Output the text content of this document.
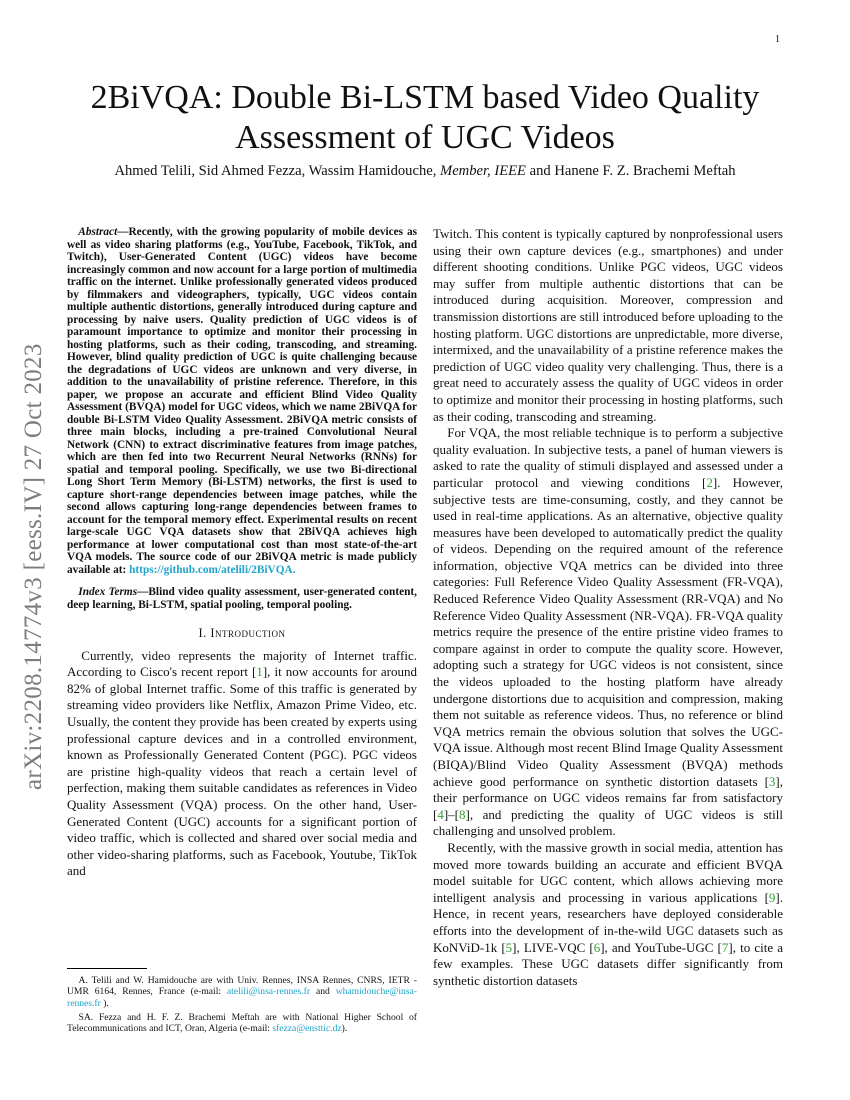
1
arXiv:2208.14774v3 [eess.IV] 27 Oct 2023
2BiVQA: Double Bi-LSTM based Video Quality Assessment of UGC Videos
Ahmed Telili, Sid Ahmed Fezza, Wassim Hamidouche, Member, IEEE and Hanene F. Z. Brachemi Meftah

Abstract—Recently, with the growing popularity of mobile devices as well as video sharing platforms (e.g., YouTube, Facebook, TikTok, and Twitch), User-Generated Content (UGC) videos have become increasingly common and now account for a large portion of multimedia traffic on the internet. Unlike professionally generated videos produced by filmmakers and videographers, typically, UGC videos contain multiple authentic distortions, generally introduced during capture and processing by naive users. Quality prediction of UGC videos is of paramount importance to optimize and monitor their processing in hosting platforms, such as their coding, transcoding, and streaming. However, blind quality prediction of UGC is quite challenging because the degradations of UGC videos are unknown and very diverse, in addition to the unavailability of pristine reference. Therefore, in this paper, we propose an accurate and efficient Blind Video Quality Assessment (BVQA) model for UGC videos, which we name 2BiVQA for double Bi-LSTM Video Quality Assessment. 2BiVQA metric consists of three main blocks, including a pre-trained Convolutional Neural Network (CNN) to extract discriminative features from image patches, which are then fed into two Recurrent Neural Networks (RNNs) for spatial and temporal pooling. Specifically, we use two Bi-directional Long Short Term Memory (Bi-LSTM) networks, the first is used to capture short-range dependencies between image patches, while the second allows capturing long-range dependencies between frames to account for the temporal memory effect. Experimental results on recent large-scale UGC VQA datasets show that 2BiVQA achieves high performance at lower computational cost than most state-of-the-art VQA models. The source code of our 2BiVQA metric is made publicly available at: https://github.com/atelili/2BiVQA.

Index Terms—Blind video quality assessment, user-generated content, deep learning, Bi-LSTM, spatial pooling, temporal pooling.

I. Introduction

Currently, video represents the majority of Internet traffic. According to Cisco's recent report [1], it now accounts for around 82% of global Internet traffic. Some of this traffic is generated by streaming video providers like Netflix, Amazon Prime Video, etc. Usually, the content they provide has been created by experts using professional capture devices and in a controlled environment, known as Professionally Generated Content (PGC). PGC videos are pristine high-quality videos that reach a certain level of perfection, making them suitable candidates as references in Video Quality Assessment (VQA) process. On the other hand, User-Generated Content (UGC) accounts for a significant portion of video traffic, which is collected and shared over social media and other video-sharing platforms, such as Facebook, Youtube, TikTok and

Twitch. This content is typically captured by nonprofessional users using their own capture devices (e.g., smartphones) and under different shooting conditions. Unlike PGC videos, UGC videos may suffer from multiple authentic distortions that can be introduced during acquisition. Moreover, compression and transmission distortions are still introduced before uploading to the hosting platform. UGC distortions are unpredictable, more diverse, intermixed, and the unavailability of a pristine reference makes the prediction of UGC video quality very challenging. Thus, there is a great need to accurately assess the quality of UGC videos in order to optimize and monitor their processing in hosting platforms, such as their coding, transcoding and streaming.

For VQA, the most reliable technique is to perform a subjective quality evaluation. In subjective tests, a panel of human viewers is asked to rate the quality of stimuli displayed and assessed under a particular protocol and viewing conditions [2]. However, subjective tests are time-consuming, costly, and they cannot be used in real-time applications. As an alternative, objective quality measures have been developed to automatically predict the quality of videos. Depending on the required amount of the reference information, objective VQA metrics can be divided into three categories: Full Reference Video Quality Assessment (FR-VQA), Reduced Reference Video Quality Assessment (RR-VQA) and No Reference Video Quality Assessment (NR-VQA). FR-VQA quality metrics require the presence of the entire pristine video frames to compare against in order to compute the quality score. However, adopting such a strategy for UGC videos is not consistent, since the videos uploaded to the hosting platform have already undergone distortions due to acquisition and compression, making them not suitable as reference videos. Thus, no reference or blind VQA metrics remain the obvious solution that solves the UGC-VQA issue. Although most recent Blind Image Quality Assessment (BIQA)/Blind Video Quality Assessment (BVQA) methods achieve good performance on synthetic distortion datasets [3], their performance on UGC videos remains far from satisfactory [4]–[8], and predicting the quality of UGC videos is still challenging and unsolved problem.

Recently, with the massive growth in social media, attention has moved more towards building an accurate and efficient BVQA model suitable for UGC content, which allows achieving more intelligent analysis and processing in various applications [9]. Hence, in recent years, researchers have deployed considerable efforts into the development of in-the-wild UGC datasets such as KoNViD-1k [5], LIVE-VQC [6], and YouTube-UGC [7], to cite a few examples. These UGC datasets differ significantly from synthetic distortion datasets

A. Telili and W. Hamidouche are with Univ. Rennes, INSA Rennes, CNRS, IETR - UMR 6164, Rennes, France (e-mail: atelili@insa-rennes.fr and whamidouche@insa-rennes.fr ).

SA. Fezza and H. F. Z. Brachemi Meftah are with National Higher School of Telecommunications and ICT, Oran, Algeria (e-mail: sfezza@ensttic.dz).
